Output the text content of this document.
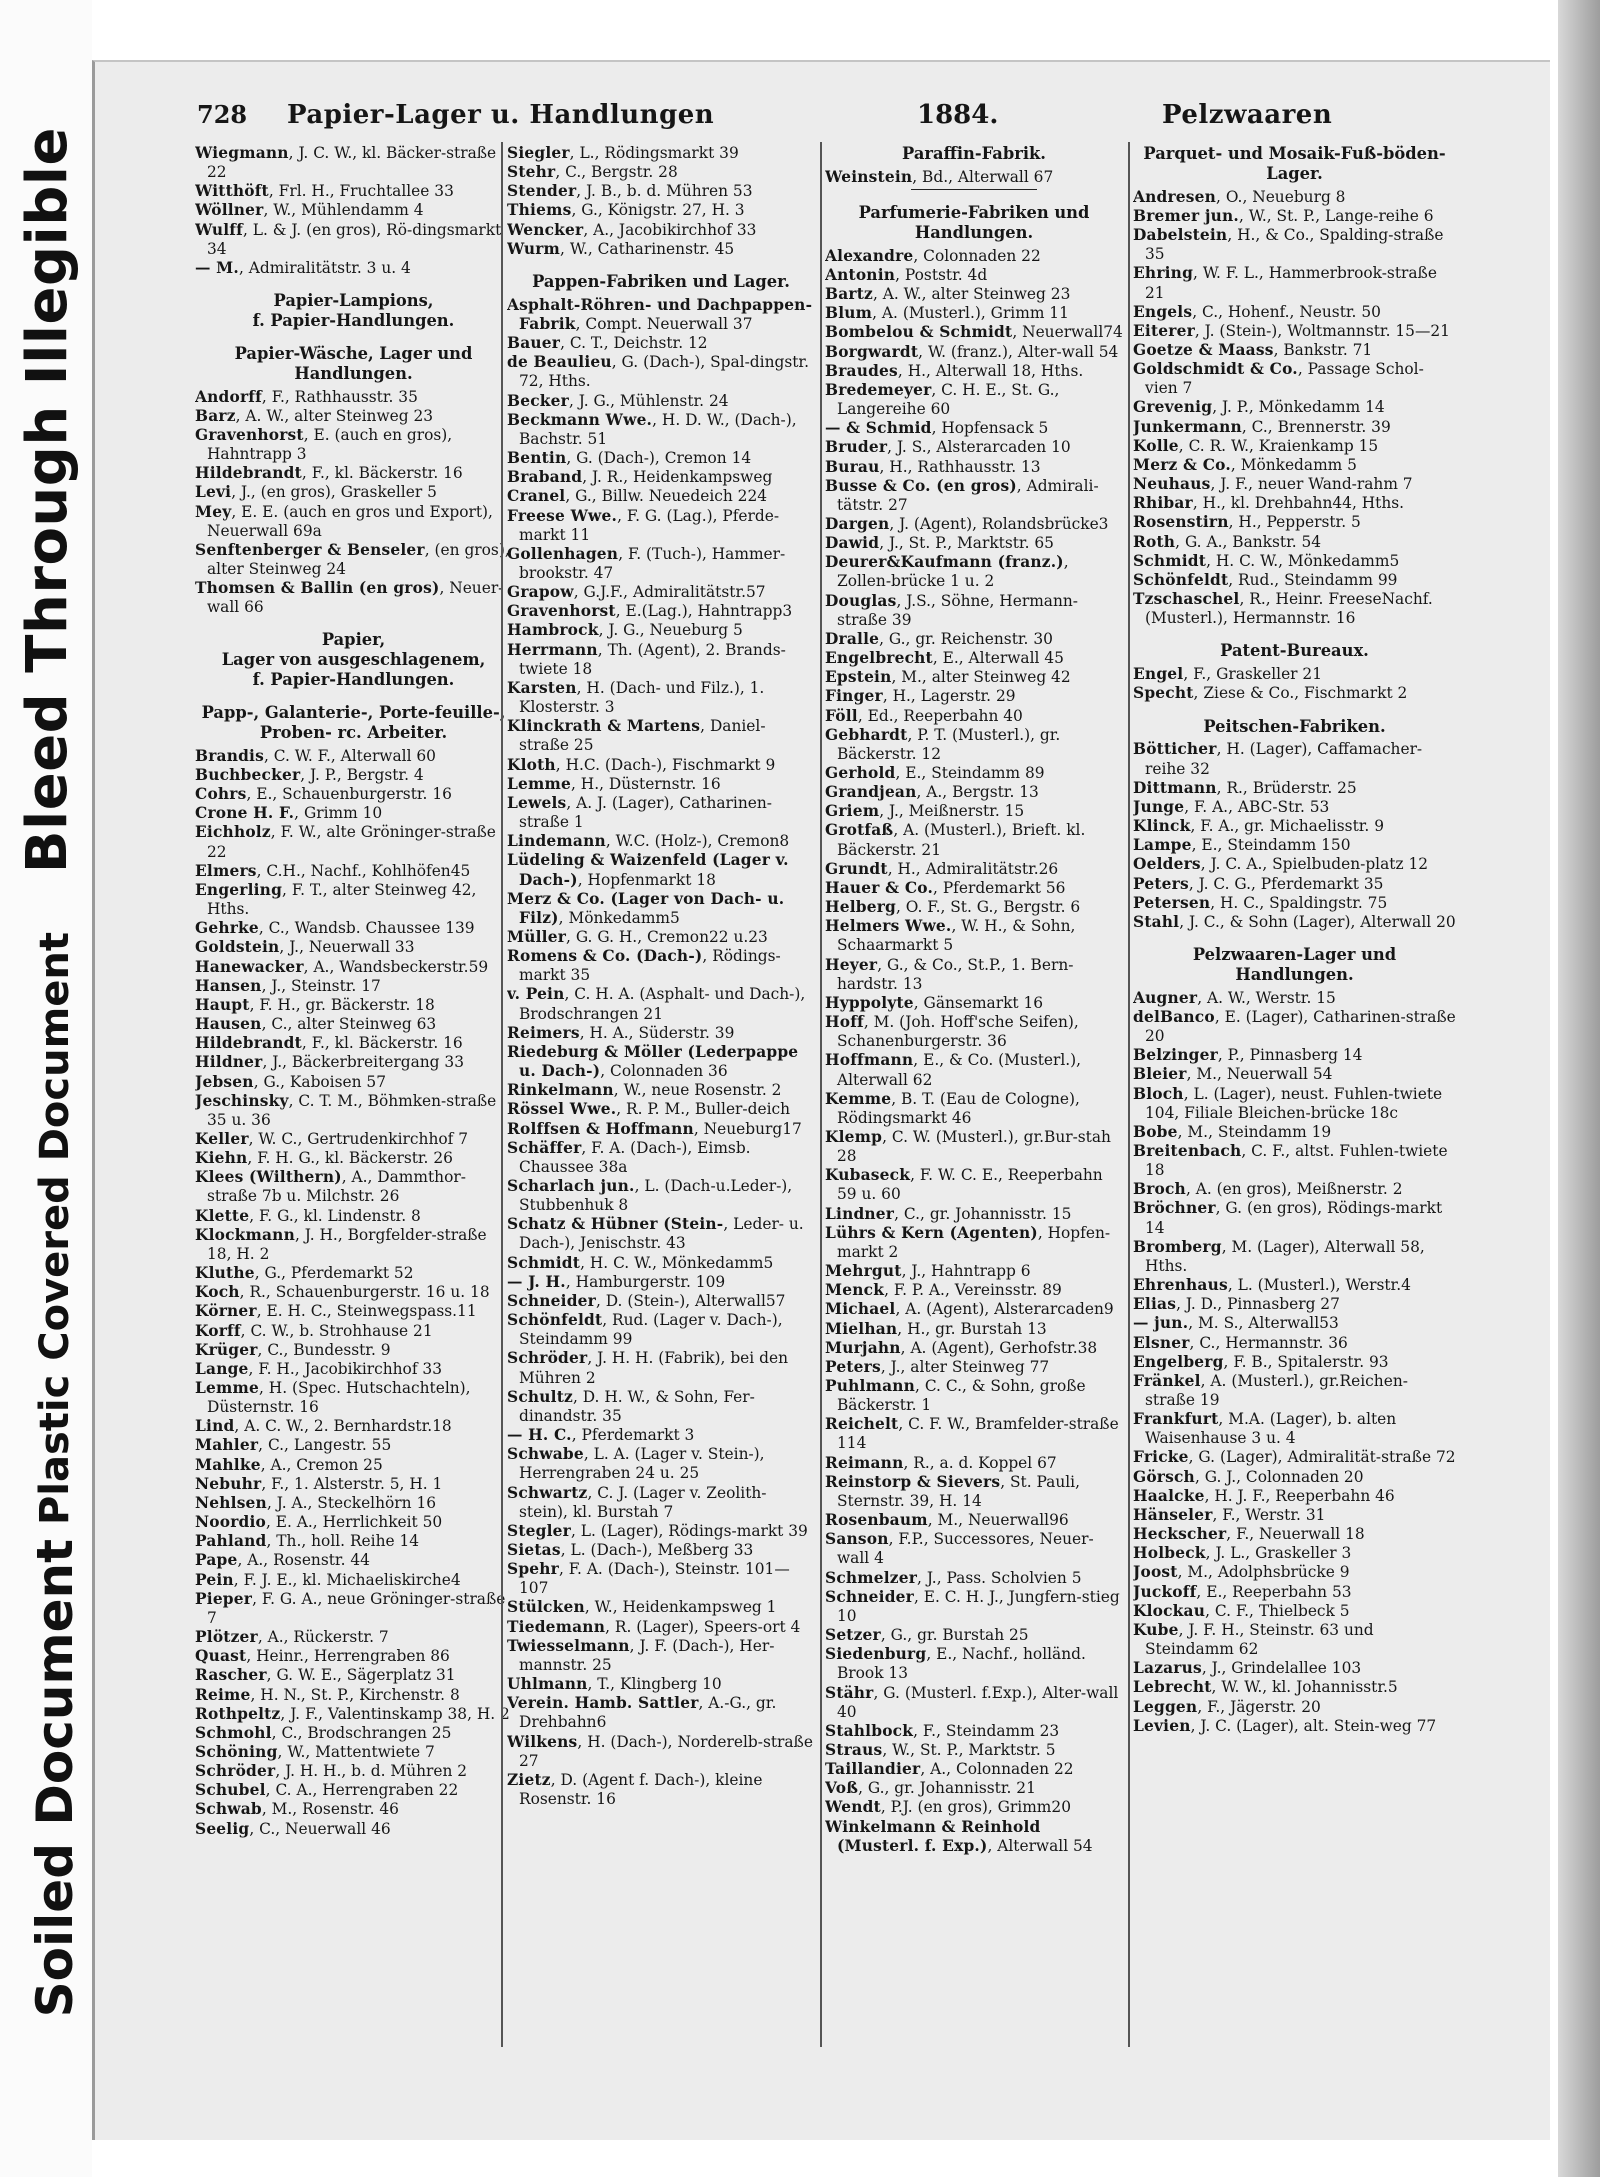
Bleed Through Illegible
Soiled Document Plastic Covered Document
728 Papier-Lager u. Handlungen	1884.	Pelzwaaren
Wiegmann, J. C. W., kl. Bäcker-straße 22
Witthöft, Frl. H., Fruchtallee 33
Wöllner, W., Mühlendamm 4
Wulff, L. & J. (en gros), Rö-dingsmarkt 34
— M., Admiralitätstr. 3 u. 4
Papier-Lampions,
f. Papier-Handlungen.
Papier-Wäsche, Lager und Handlungen.
Andorff, F., Rathhausstr. 35
Barz, A. W., alter Steinweg 23
Gravenhorst, E. (auch en gros), Hahntrapp 3
Hildebrandt, F., kl. Bäckerstr. 16
Levi, J., (en gros), Graskeller 5
Mey, E. E. (auch en gros und Export), Neuerwall 69a
Senftenberger & Benseler, (en gros), alter Steinweg 24
Thomsen & Ballin (en gros), Neuer-wall 66
Papier,
Lager von ausgeschlagenem,
f. Papier-Handlungen.
Papp-, Galanterie-, Porte-feuille-, Proben- rc. Arbeiter.
Brandis, C. W. F., Alterwall 60
Buchbecker, J. P., Bergstr. 4
Cohrs, E., Schauenburgerstr. 16
Crone H. F., Grimm 10
Eichholz, F. W., alte Gröninger-straße 22
Elmers, C.H., Nachf., Kohlhöfen45
Engerling, F. T., alter Steinweg 42, Hths.
Gehrke, C., Wandsb. Chaussee 139
Goldstein, J., Neuerwall 33
Hanewacker, A., Wandsbeckerstr.59
Hansen, J., Steinstr. 17
Haupt, F. H., gr. Bäckerstr. 18
Hausen, C., alter Steinweg 63
Hildebrandt, F., kl. Bäckerstr. 16
Hildner, J., Bäckerbreitergang 33
Jebsen, G., Kaboisen 57
Jeschinsky, C. T. M., Böhmken-straße 35 u. 36
Keller, W. C., Gertrudenkirchhof 7
Kiehn, F. H. G., kl. Bäckerstr. 26
Klees (Wilthern), A., Dammthor-straße 7b u. Milchstr. 26
Klette, F. G., kl. Lindenstr. 8
Klockmann, J. H., Borgfelder-straße 18, H. 2
Kluthe, G., Pferdemarkt 52
Koch, R., Schauenburgerstr. 16 u. 18
Körner, E. H. C., Steinwegspass.11
Korff, C. W., b. Strohhause 21
Krüger, C., Bundesstr. 9
Lange, F. H., Jacobikirchhof 33
Lemme, H. (Spec. Hutschachteln), Düsternstr. 16
Lind, A. C. W., 2. Bernhardstr.18
Mahler, C., Langestr. 55
Mahlke, A., Cremon 25
Nebuhr, F., 1. Alsterstr. 5, H. 1
Nehlsen, J. A., Steckelhörn 16
Noordio, E. A., Herrlichkeit 50
Pahland, Th., holl. Reihe 14
Pape, A., Rosenstr. 44
Pein, F. J. E., kl. Michaeliskirche4
Pieper, F. G. A., neue Gröninger-straße 7
Plötzer, A., Rückerstr. 7
Quast, Heinr., Herrengraben 86
Rascher, G. W. E., Sägerplatz 31
Reime, H. N., St. P., Kirchenstr. 8
Rothpeltz, J. F., Valentinskamp 38, H. 2
Schmohl, C., Brodschrangen 25
Schöning, W., Mattentwiete 7
Schröder, J. H. H., b. d. Mühren 2
Schubel, C. A., Herrengraben 22
Schwab, M., Rosenstr. 46
Seelig, C., Neuerwall 46
Siegler, L., Rödingsmarkt 39
Stehr, C., Bergstr. 28
Stender, J. B., b. d. Mühren 53
Thiems, G., Königstr. 27, H. 3
Wencker, A., Jacobikirchhof 33
Wurm, W., Catharinenstr. 45
Pappen-Fabriken und Lager.
Asphalt-Röhren- und Dachpappen-Fabrik, Compt. Neuerwall 37
Bauer, C. T., Deichstr. 12
de Beaulieu, G. (Dach-), Spal-dingstr. 72, Hths.
Becker, J. G., Mühlenstr. 24
Beckmann Wwe., H. D. W., (Dach-), Bachstr. 51
Bentin, G. (Dach-), Cremon 14
Braband, J. R., Heidenkampsweg
Cranel, G., Billw. Neuedeich 224
Freese Wwe., F. G. (Lag.), Pferde-markt 11
Gollenhagen, F. (Tuch-), Hammer-brookstr. 47
Grapow, G.J.F., Admiralitätstr.57
Gravenhorst, E.(Lag.), Hahntrapp3
Hambrock, J. G., Neueburg 5
Herrmann, Th. (Agent), 2. Brands-twiete 18
Karsten, H. (Dach- und Filz.), 1. Klosterstr. 3
Klinckrath & Martens, Daniel-straße 25
Kloth, H.C. (Dach-), Fischmarkt 9
Lemme, H., Düsternstr. 16
Lewels, A. J. (Lager), Catharinen-straße 1
Lindemann, W.C. (Holz-), Cremon8
Lüdeling & Waizenfeld (Lager v. Dach-), Hopfenmarkt 18
Merz & Co. (Lager von Dach- u. Filz), Mönkedamm5
Müller, G. G. H., Cremon22 u.23
Romens & Co. (Dach-), Rödings-markt 35
v. Pein, C. H. A. (Asphalt- und Dach-), Brodschrangen 21
Reimers, H. A., Süderstr. 39
Riedeburg & Möller (Lederpappe u. Dach-), Colonnaden 36
Rinkelmann, W., neue Rosenstr. 2
Rössel Wwe., R. P. M., Buller-deich
Rolffsen & Hoffmann, Neueburg17
Schäffer, F. A. (Dach-), Eimsb. Chaussee 38a
Scharlach jun., L. (Dach-u.Leder-), Stubbenhuk 8
Schatz & Hübner (Stein-, Leder- u. Dach-), Jenischstr. 43
Schmidt, H. C. W., Mönkedamm5
— J. H., Hamburgerstr. 109
Schneider, D. (Stein-), Alterwall57
Schönfeldt, Rud. (Lager v. Dach-), Steindamm 99
Schröder, J. H. H. (Fabrik), bei den Mühren 2
Schultz, D. H. W., & Sohn, Fer-dinandstr. 35
— H. C., Pferdemarkt 3
Schwabe, L. A. (Lager v. Stein-), Herrengraben 24 u. 25
Schwartz, C. J. (Lager v. Zeolith-stein), kl. Burstah 7
Stegler, L. (Lager), Rödings-markt 39
Sietas, L. (Dach-), Meßberg 33
Spehr, F. A. (Dach-), Steinstr. 101—107
Stülcken, W., Heidenkampsweg 1
Tiedemann, R. (Lager), Speers-ort 4
Twiesselmann, J. F. (Dach-), Her-mannstr. 25
Uhlmann, T., Klingberg 10
Verein. Hamb. Sattler, A.-G., gr. Drehbahn6
Wilkens, H. (Dach-), Norderelb-straße 27
Zietz, D. (Agent f. Dach-), kleine Rosenstr. 16
Paraffin-Fabrik.
Weinstein, Bd., Alterwall 67
Parfumerie-Fabriken und Handlungen.
Alexandre, Colonnaden 22
Antonin, Poststr. 4d
Bartz, A. W., alter Steinweg 23
Blum, A. (Musterl.), Grimm 11
Bombelou & Schmidt, Neuerwall74
Borgwardt, W. (franz.), Alter-wall 54
Braudes, H., Alterwall 18, Hths.
Bredemeyer, C. H. E., St. G., Langereihe 60
— & Schmid, Hopfensack 5
Bruder, J. S., Alsterarcaden 10
Burau, H., Rathhausstr. 13
Busse & Co. (en gros), Admirali-tätstr. 27
Dargen, J. (Agent), Rolandsbrücke3
Dawid, J., St. P., Marktstr. 65
Deurer&Kaufmann (franz.), Zollen-brücke 1 u. 2
Douglas, J.S., Söhne, Hermann-straße 39
Dralle, G., gr. Reichenstr. 30
Engelbrecht, E., Alterwall 45
Epstein, M., alter Steinweg 42
Finger, H., Lagerstr. 29
Föll, Ed., Reeperbahn 40
Gebhardt, P. T. (Musterl.), gr. Bäckerstr. 12
Gerhold, E., Steindamm 89
Grandjean, A., Bergstr. 13
Griem, J., Meißnerstr. 15
Grotfaß, A. (Musterl.), Brieft. kl. Bäckerstr. 21
Grundt, H., Admiralitätstr.26
Hauer & Co., Pferdemarkt 56
Helberg, O. F., St. G., Bergstr. 6
Helmers Wwe., W. H., & Sohn, Schaarmarkt 5
Heyer, G., & Co., St.P., 1. Bern-hardstr. 13
Hyppolyte, Gänsemarkt 16
Hoff, M. (Joh. Hoff'sche Seifen), Schanenburgerstr. 36
Hoffmann, E., & Co. (Musterl.), Alterwall 62
Kemme, B. T. (Eau de Cologne), Rödingsmarkt 46
Klemp, C. W. (Musterl.), gr.Bur-stah 28
Kubaseck, F. W. C. E., Reeperbahn 59 u. 60
Lindner, C., gr. Johannisstr. 15
Lührs & Kern (Agenten), Hopfen-markt 2
Mehrgut, J., Hahntrapp 6
Menck, F. P. A., Vereinsstr. 89
Michael, A. (Agent), Alsterarcaden9
Mielhan, H., gr. Burstah 13
Murjahn, A. (Agent), Gerhofstr.38
Peters, J., alter Steinweg 77
Puhlmann, C. C., & Sohn, große Bäckerstr. 1
Reichelt, C. F. W., Bramfelder-straße 114
Reimann, R., a. d. Koppel 67
Reinstorp & Sievers, St. Pauli, Sternstr. 39, H. 14
Rosenbaum, M., Neuerwall96
Sanson, F.P., Successores, Neuer-wall 4
Schmelzer, J., Pass. Scholvien 5
Schneider, E. C. H. J., Jungfern-stieg 10
Setzer, G., gr. Burstah 25
Siedenburg, E., Nachf., holländ. Brook 13
Stähr, G. (Musterl. f.Exp.), Alter-wall 40
Stahlbock, F., Steindamm 23
Straus, W., St. P., Marktstr. 5
Taillandier, A., Colonnaden 22
Voß, G., gr. Johannisstr. 21
Wendt, P.J. (en gros), Grimm20
Winkelmann & Reinhold (Musterl. f. Exp.), Alterwall 54
Parquet- und Mosaik-Fuß-böden-Lager.
Andresen, O., Neueburg 8
Bremer jun., W., St. P., Lange-reihe 6
Dabelstein, H., & Co., Spalding-straße 35
Ehring, W. F. L., Hammerbrook-straße 21
Engels, C., Hohenf., Neustr. 50
Eiterer, J. (Stein-), Woltmannstr. 15—21
Goetze & Maass, Bankstr. 71
Goldschmidt & Co., Passage Schol-vien 7
Grevenig, J. P., Mönkedamm 14
Junkermann, C., Brennerstr. 39
Kolle, C. R. W., Kraienkamp 15
Merz & Co., Mönkedamm 5
Neuhaus, J. F., neuer Wand-rahm 7
Rhibar, H., kl. Drehbahn44, Hths.
Rosenstirn, H., Pepperstr. 5
Roth, G. A., Bankstr. 54
Schmidt, H. C. W., Mönkedamm5
Schönfeldt, Rud., Steindamm 99
Tzschaschel, R., Heinr. FreeseNachf. (Musterl.), Hermannstr. 16
Patent-Bureaux.
Engel, F., Graskeller 21
Specht, Ziese & Co., Fischmarkt 2
Peitschen-Fabriken.
Bötticher, H. (Lager), Caffamacher-reihe 32
Dittmann, R., Brüderstr. 25
Junge, F. A., ABC-Str. 53
Klinck, F. A., gr. Michaelisstr. 9
Lampe, E., Steindamm 150
Oelders, J. C. A., Spielbuden-platz 12
Peters, J. C. G., Pferdemarkt 35
Petersen, H. C., Spaldingstr. 75
Stahl, J. C., & Sohn (Lager), Alterwall 20
Pelzwaaren-Lager und Handlungen.
Augner, A. W., Werstr. 15
delBanco, E. (Lager), Catharinen-straße 20
Belzinger, P., Pinnasberg 14
Bleier, M., Neuerwall 54
Bloch, L. (Lager), neust. Fuhlen-twiete 104, Filiale Bleichen-brücke 18c
Bobe, M., Steindamm 19
Breitenbach, C. F., altst. Fuhlen-twiete 18
Broch, A. (en gros), Meißnerstr. 2
Bröchner, G. (en gros), Rödings-markt 14
Bromberg, M. (Lager), Alterwall 58, Hths.
Ehrenhaus, L. (Musterl.), Werstr.4
Elias, J. D., Pinnasberg 27
— jun., M. S., Alterwall53
Elsner, C., Hermannstr. 36
Engelberg, F. B., Spitalerstr. 93
Fränkel, A. (Musterl.), gr.Reichen-straße 19
Frankfurt, M.A. (Lager), b. alten Waisenhause 3 u. 4
Fricke, G. (Lager), Admiralität-straße 72
Görsch, G. J., Colonnaden 20
Haalcke, H. J. F., Reeperbahn 46
Hänseler, F., Werstr. 31
Heckscher, F., Neuerwall 18
Holbeck, J. L., Graskeller 3
Joost, M., Adolphsbrücke 9
Juckoff, E., Reeperbahn 53
Klockau, C. F., Thielbeck 5
Kube, J. F. H., Steinstr. 63 und Steindamm 62
Lazarus, J., Grindelallee 103
Lebrecht, W. W., kl. Johannisstr.5
Leggen, F., Jägerstr. 20
Levien, J. C. (Lager), alt. Stein-weg 77
